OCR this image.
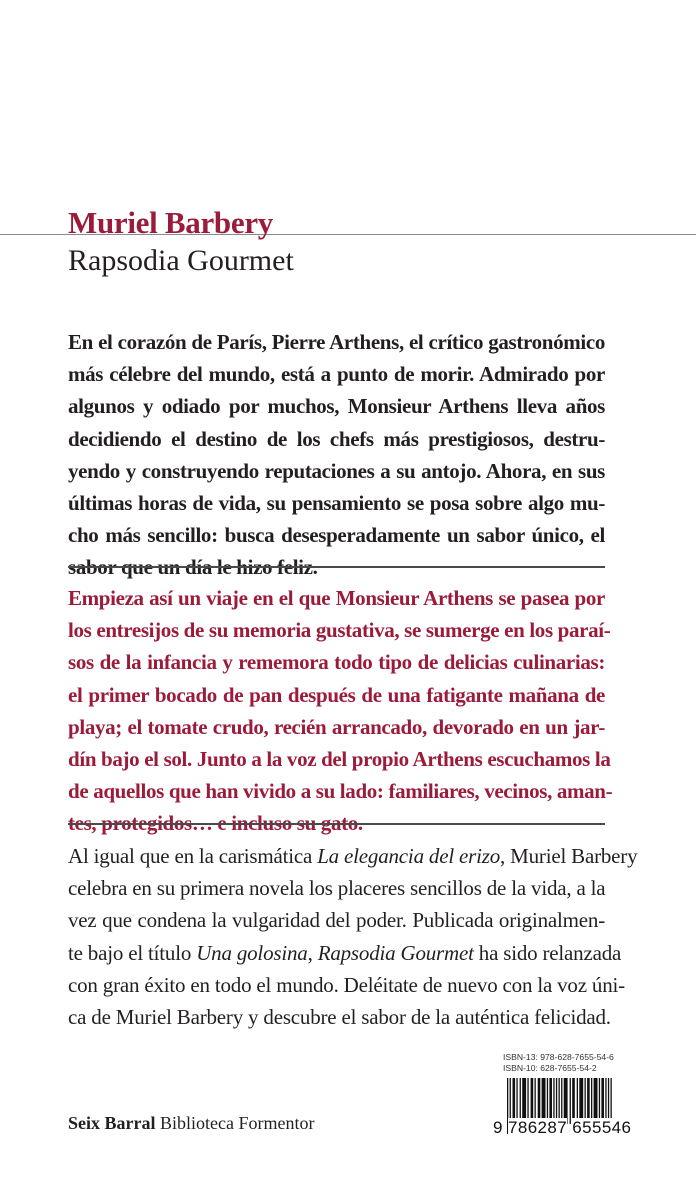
Muriel Barbery
Rapsodia Gourmet
En el corazón de París, Pierre Arthens, el crítico gastronómico
más célebre del mundo, está a punto de morir. Admirado por
algunos y odiado por muchos, Monsieur Arthens lleva años
decidiendo el destino de los chefs más prestigiosos, destru-
yendo y construyendo reputaciones a su antojo. Ahora, en sus
últimas horas de vida, su pensamiento se posa sobre algo mu-
cho más sencillo: busca desesperadamente un sabor único, el
sabor que un día le hizo feliz.
Empieza así un viaje en el que Monsieur Arthens se pasea por
los entresijos de su memoria gustativa, se sumerge en los paraí-
sos de la infancia y rememora todo tipo de delicias culinarias:
el primer bocado de pan después de una fatigante mañana de
playa; el tomate crudo, recién arrancado, devorado en un jar-
dín bajo el sol. Junto a la voz del propio Arthens escuchamos la
de aquellos que han vivido a su lado: familiares, vecinos, aman-
tes, protegidos… e incluso su gato.
Al igual que en la carismática La elegancia del erizo, Muriel Barbery
celebra en su primera novela los placeres sencillos de la vida, a la
vez que condena la vulgaridad del poder. Publicada originalmen-
te bajo el título Una golosina, Rapsodia Gourmet ha sido relanzada
con gran éxito en todo el mundo. Deléitate de nuevo con la voz úni-
ca de Muriel Barbery y descubre el sabor de la auténtica felicidad.
ISBN-13: 978-628-7655-54-6
ISBN-10: 628-7655-54-2
9 786287 655546
Seix Barral Biblioteca Formentor
